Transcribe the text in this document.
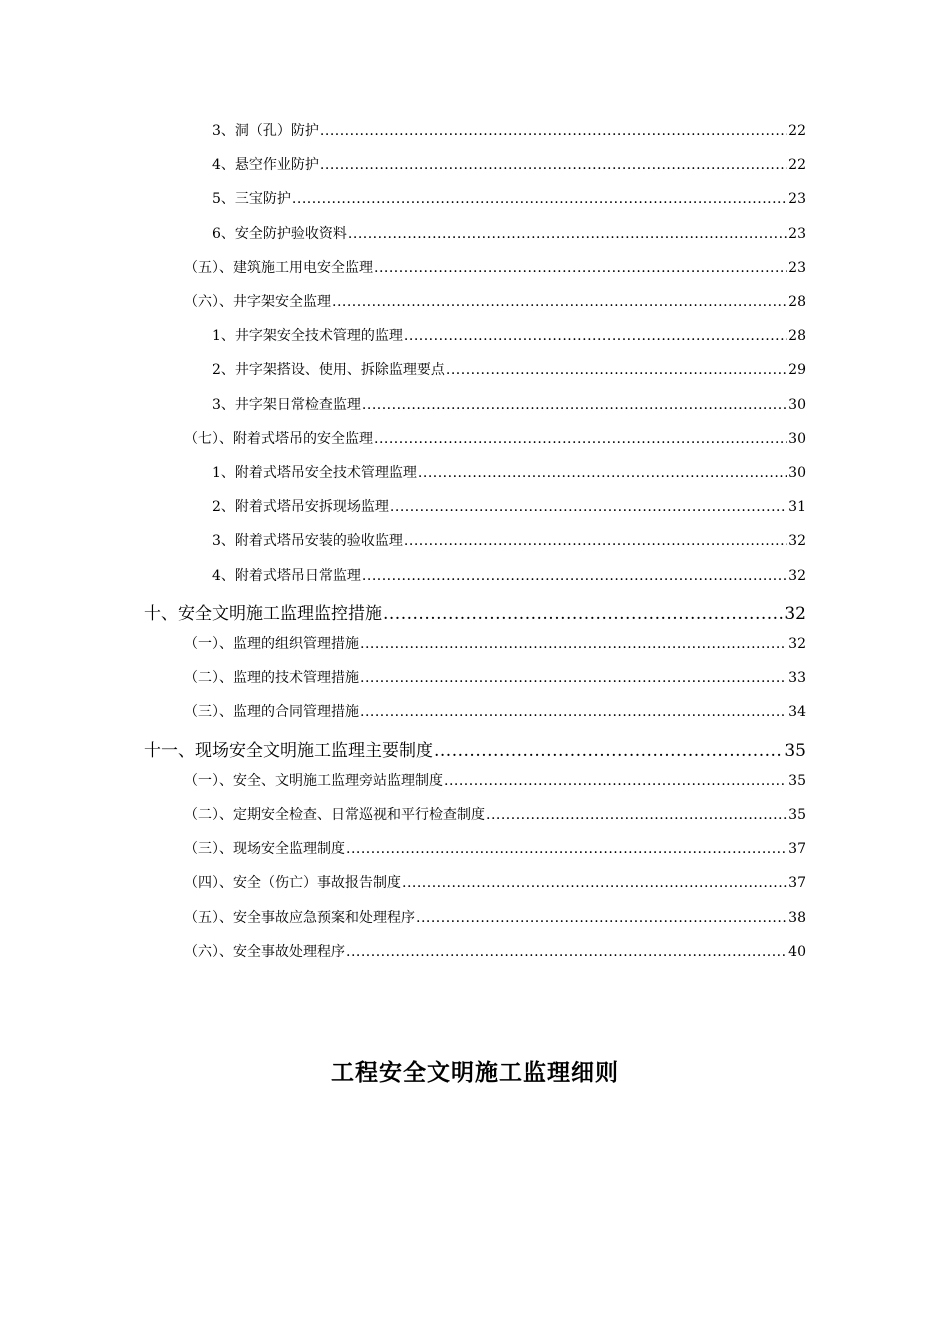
3、洞（孔）防护 .....	22
4、悬空作业防护 .....	22
5、三宝防护 .....	23
6、安全防护验收资料 .....	23
（五）、建筑施工用电安全监理 .....	23
（六）、井字架安全监理 .....	28
1、井字架安全技术管理的监理 .....	28
2、井字架搭设、使用、拆除监理要点 .....	29
3、井字架日常检查监理 .....	30
（七）、附着式塔吊的安全监理 .....	30
1、附着式塔吊安全技术管理监理 .....	30
2、附着式塔吊安拆现场监理 .....	31
3、附着式塔吊安装的验收监理 .....	32
4、附着式塔吊日常监理 .....	32
十、安全文明施工监理监控措施 .....	32
（一）、监理的组织管理措施 .....	32
（二）、监理的技术管理措施 .....	33
（三）、监理的合同管理措施 .....	34
十一、现场安全文明施工监理主要制度 .....	35
（一）、安全、文明施工监理旁站监理制度 .....	35
（二）、定期安全检查、日常巡视和平行检查制度 .....	35
（三）、现场安全监理制度 .....	37
（四）、安全（伤亡）事故报告制度 .....	37
（五）、安全事故应急预案和处理程序 .....	38
（六）、安全事故处理程序 .....	40
工程安全文明施工监理细则
